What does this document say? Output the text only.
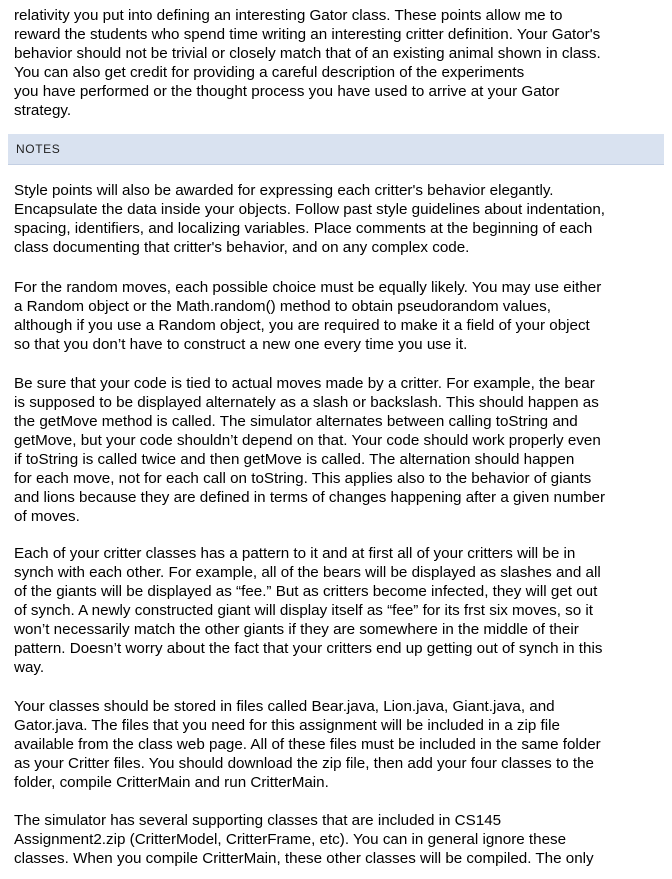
relativity you put into defining an interesting Gator class. These points allow me to
reward the students who spend time writing an interesting critter definition. Your Gator's
behavior should not be trivial or closely match that of an existing animal shown in class.
You can also get credit for providing a careful description of the experiments
you have performed or the thought process you have used to arrive at your Gator
strategy.
NOTES
Style points will also be awarded for expressing each critter's behavior elegantly.
Encapsulate the data inside your objects. Follow past style guidelines about indentation,
spacing, identifiers, and localizing variables. Place comments at the beginning of each
class documenting that critter's behavior, and on any complex code.
For the random moves, each possible choice must be equally likely. You may use either
a Random object or the Math.random() method to obtain pseudorandom values,
although if you use a Random object, you are required to make it a field of your object
so that you don’t have to construct a new one every time you use it.
Be sure that your code is tied to actual moves made by a critter. For example, the bear
is supposed to be displayed alternately as a slash or backslash. This should happen as
the getMove method is called. The simulator alternates between calling toString and
getMove, but your code shouldn’t depend on that. Your code should work properly even
if toString is called twice and then getMove is called. The alternation should happen
for each move, not for each call on toString. This applies also to the behavior of giants
and lions because they are defined in terms of changes happening after a given number
of moves.
Each of your critter classes has a pattern to it and at first all of your critters will be in
synch with each other. For example, all of the bears will be displayed as slashes and all
of the giants will be displayed as “fee.” But as critters become infected, they will get out
of synch. A newly constructed giant will display itself as “fee” for its frst six moves, so it
won’t necessarily match the other giants if they are somewhere in the middle of their
pattern. Doesn’t worry about the fact that your critters end up getting out of synch in this
way.
Your classes should be stored in files called Bear.java, Lion.java, Giant.java, and
Gator.java. The files that you need for this assignment will be included in a zip file
available from the class web page. All of these files must be included in the same folder
as your Critter files. You should download the zip file, then add your four classes to the
folder, compile CritterMain and run CritterMain.
The simulator has several supporting classes that are included in CS145
Assignment2.zip (CritterModel, CritterFrame, etc). You can in general ignore these
classes. When you compile CritterMain, these other classes will be compiled. The only
